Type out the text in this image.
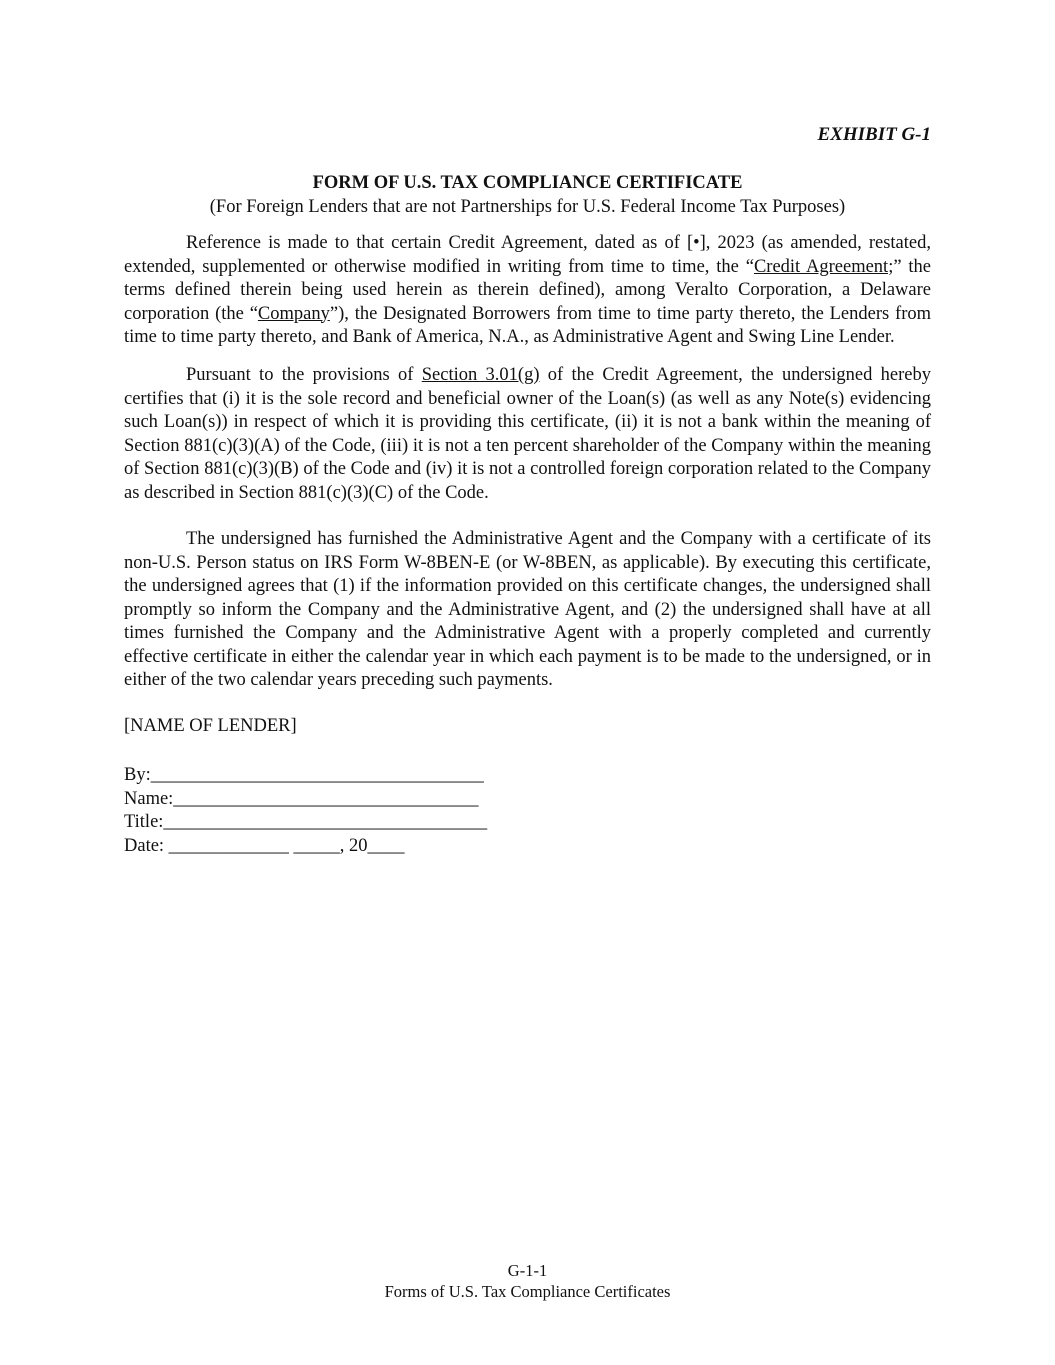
EXHIBIT G-1
FORM OF U.S. TAX COMPLIANCE CERTIFICATE
(For Foreign Lenders that are not Partnerships for U.S. Federal Income Tax Purposes)

Reference is made to that certain Credit Agreement, dated as of [•], 2023 (as amended, restated, extended, supplemented or otherwise modified in writing from time to time, the “Credit Agreement;” the terms defined therein being used herein as therein defined), among Veralto Corporation, a Delaware corporation (the “Company”), the Designated Borrowers from time to time party thereto, the Lenders from time to time party thereto, and Bank of America, N.A., as Administrative Agent and Swing Line Lender.

Pursuant to the provisions of Section 3.01(g) of the Credit Agreement, the undersigned hereby certifies that (i) it is the sole record and beneficial owner of the Loan(s) (as well as any Note(s) evidencing such Loan(s)) in respect of which it is providing this certificate, (ii) it is not a bank within the meaning of Section 881(c)(3)(A) of the Code, (iii) it is not a ten percent shareholder of the Company within the meaning of Section 881(c)(3)(B) of the Code and (iv) it is not a controlled foreign corporation related to the Company as described in Section 881(c)(3)(C) of the Code.

The undersigned has furnished the Administrative Agent and the Company with a certificate of its non-U.S. Person status on IRS Form W-8BEN-E (or W-8BEN, as applicable). By executing this certificate, the undersigned agrees that (1) if the information provided on this certificate changes, the undersigned shall promptly so inform the Company and the Administrative Agent, and (2) the undersigned shall have at all times furnished the Company and the Administrative Agent with a properly completed and currently effective certificate in either the calendar year in which each payment is to be made to the undersigned, or in either of the two calendar years preceding such payments.

[NAME OF LENDER]
By:____________________________________
Name:_________________________________
Title:___________________________________
Date: _____________ _____, 20____
G-1-1
Forms of U.S. Tax Compliance Certificates
